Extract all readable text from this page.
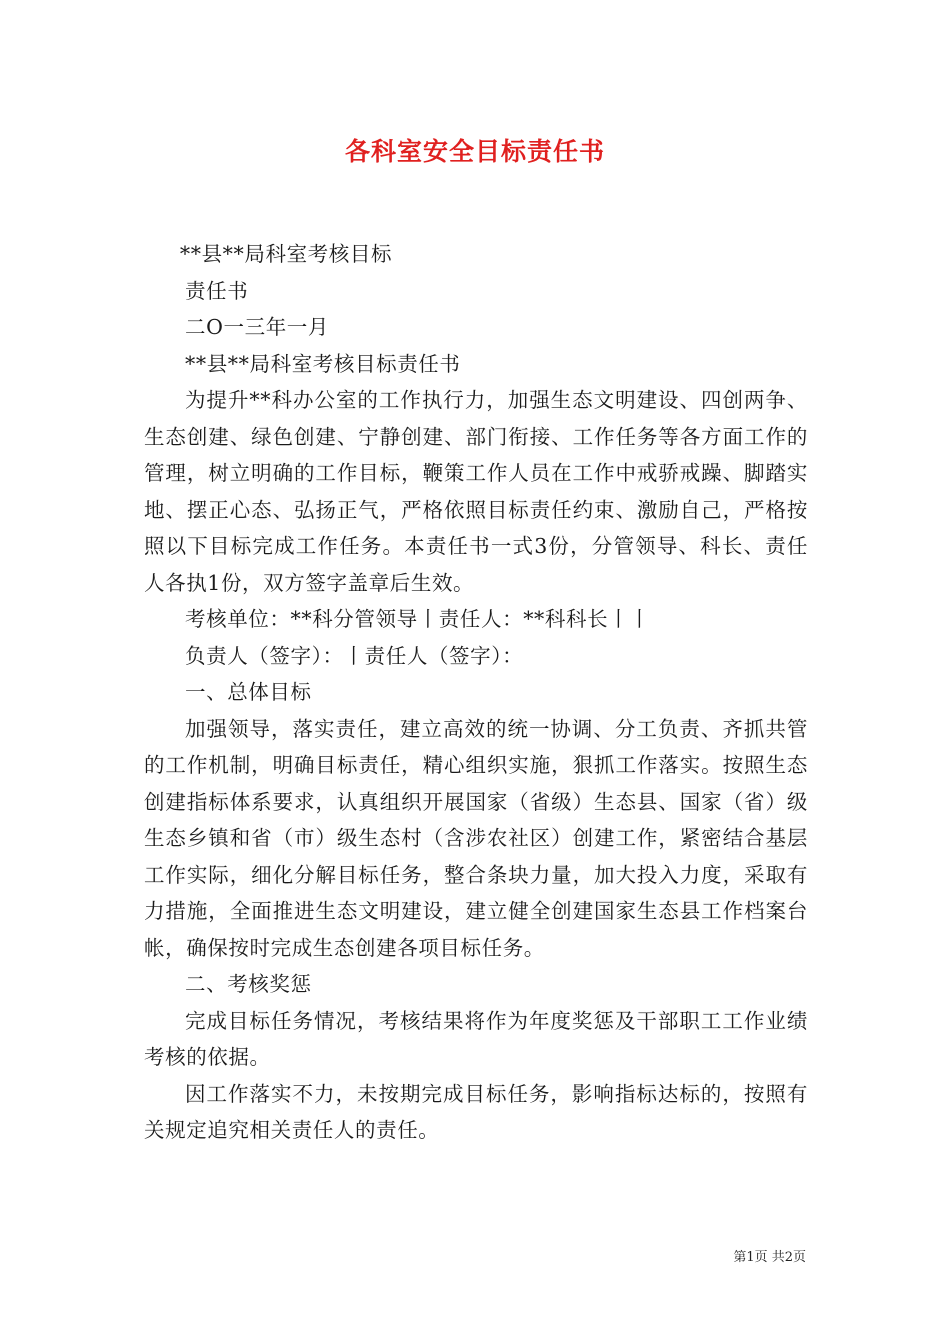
各科室安全目标责任书

**县**局科室考核目标

责任书

二O一三年一月

**县**局科室考核目标责任书

为提升**科办公室的工作执行力，加强生态文明建设、四创两争、生态创建、绿色创建、宁静创建、部门衔接、工作任务等各方面工作的管理，树立明确的工作目标，鞭策工作人员在工作中戒骄戒躁、脚踏实地、摆正心态、弘扬正气，严格依照目标责任约束、激励自己，严格按照以下目标完成工作任务。本责任书一式3份，分管领导、科长、责任人各执1份，双方签字盖章后生效。

考核单位：**科分管领导丨责任人：**科科长丨丨

负责人（签字）：丨责任人（签字）：

一、总体目标

加强领导，落实责任，建立高效的统一协调、分工负责、齐抓共管的工作机制，明确目标责任，精心组织实施，狠抓工作落实。按照生态创建指标体系要求，认真组织开展国家（省级）生态县、国家（省）级生态乡镇和省（市）级生态村（含涉农社区）创建工作，紧密结合基层工作实际，细化分解目标任务，整合条块力量，加大投入力度，采取有力措施，全面推进生态文明建设，建立健全创建国家生态县工作档案台帐，确保按时完成生态创建各项目标任务。

二、考核奖惩

完成目标任务情况，考核结果将作为年度奖惩及干部职工工作业绩考核的依据。

因工作落实不力，未按期完成目标任务，影响指标达标的，按照有关规定追究相关责任人的责任。

第1页 共2页
